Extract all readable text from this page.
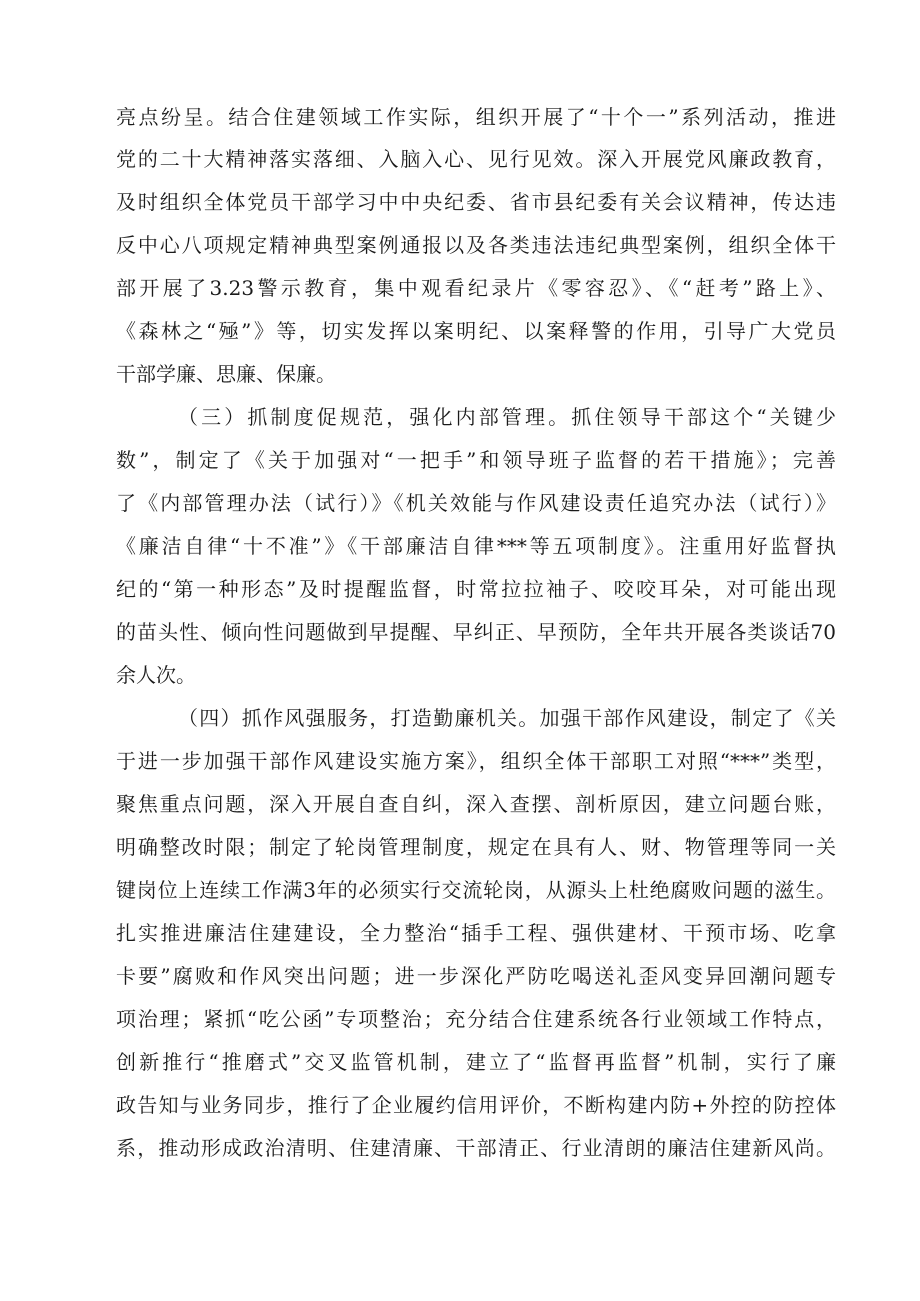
亮点纷呈。结合住建领域工作实际，组织开展了“十个一”系列活动，推进
党的二十大精神落实落细、入脑入心、见行见效。深入开展党风廉政教育，
及时组织全体党员干部学习中中央纪委、省市县纪委有关会议精神，传达违
反中心八项规定精神典型案例通报以及各类违法违纪典型案例，组织全体干
部开展了3.23警示教育，集中观看纪录片《零容忍》、《“赶考”路上》、
《森林之“殛”》等，切实发挥以案明纪、以案释警的作用，引导广大党员
干部学廉、思廉、保廉。
（三）抓制度促规范，强化内部管理。抓住领导干部这个“关键少
数”，制定了《关于加强对“一把手”和领导班子监督的若干措施》；完善
了《内部管理办法（试行）》《机关效能与作风建设责任追究办法（试行）》
《廉洁自律“十不准”》《干部廉洁自律***等五项制度》。注重用好监督执
纪的“第一种形态”及时提醒监督，时常拉拉袖子、咬咬耳朵，对可能出现
的苗头性、倾向性问题做到早提醒、早纠正、早预防，全年共开展各类谈话70
余人次。
（四）抓作风强服务，打造勤廉机关。加强干部作风建设，制定了《关
于进一步加强干部作风建设实施方案》，组织全体干部职工对照“***”类型，
聚焦重点问题，深入开展自查自纠，深入查摆、剖析原因，建立问题台账，
明确整改时限；制定了轮岗管理制度，规定在具有人、财、物管理等同一关
键岗位上连续工作满3年的必须实行交流轮岗，从源头上杜绝腐败问题的滋生。
扎实推进廉洁住建建设，全力整治“插手工程、强供建材、干预市场、吃拿
卡要”腐败和作风突出问题；进一步深化严防吃喝送礼歪风变异回潮问题专
项治理；紧抓“吃公函”专项整治；充分结合住建系统各行业领域工作特点，
创新推行“推磨式”交叉监管机制，建立了“监督再监督”机制，实行了廉
政告知与业务同步，推行了企业履约信用评价，不断构建内防+外控的防控体
系，推动形成政治清明、住建清廉、干部清正、行业清朗的廉洁住建新风尚。
